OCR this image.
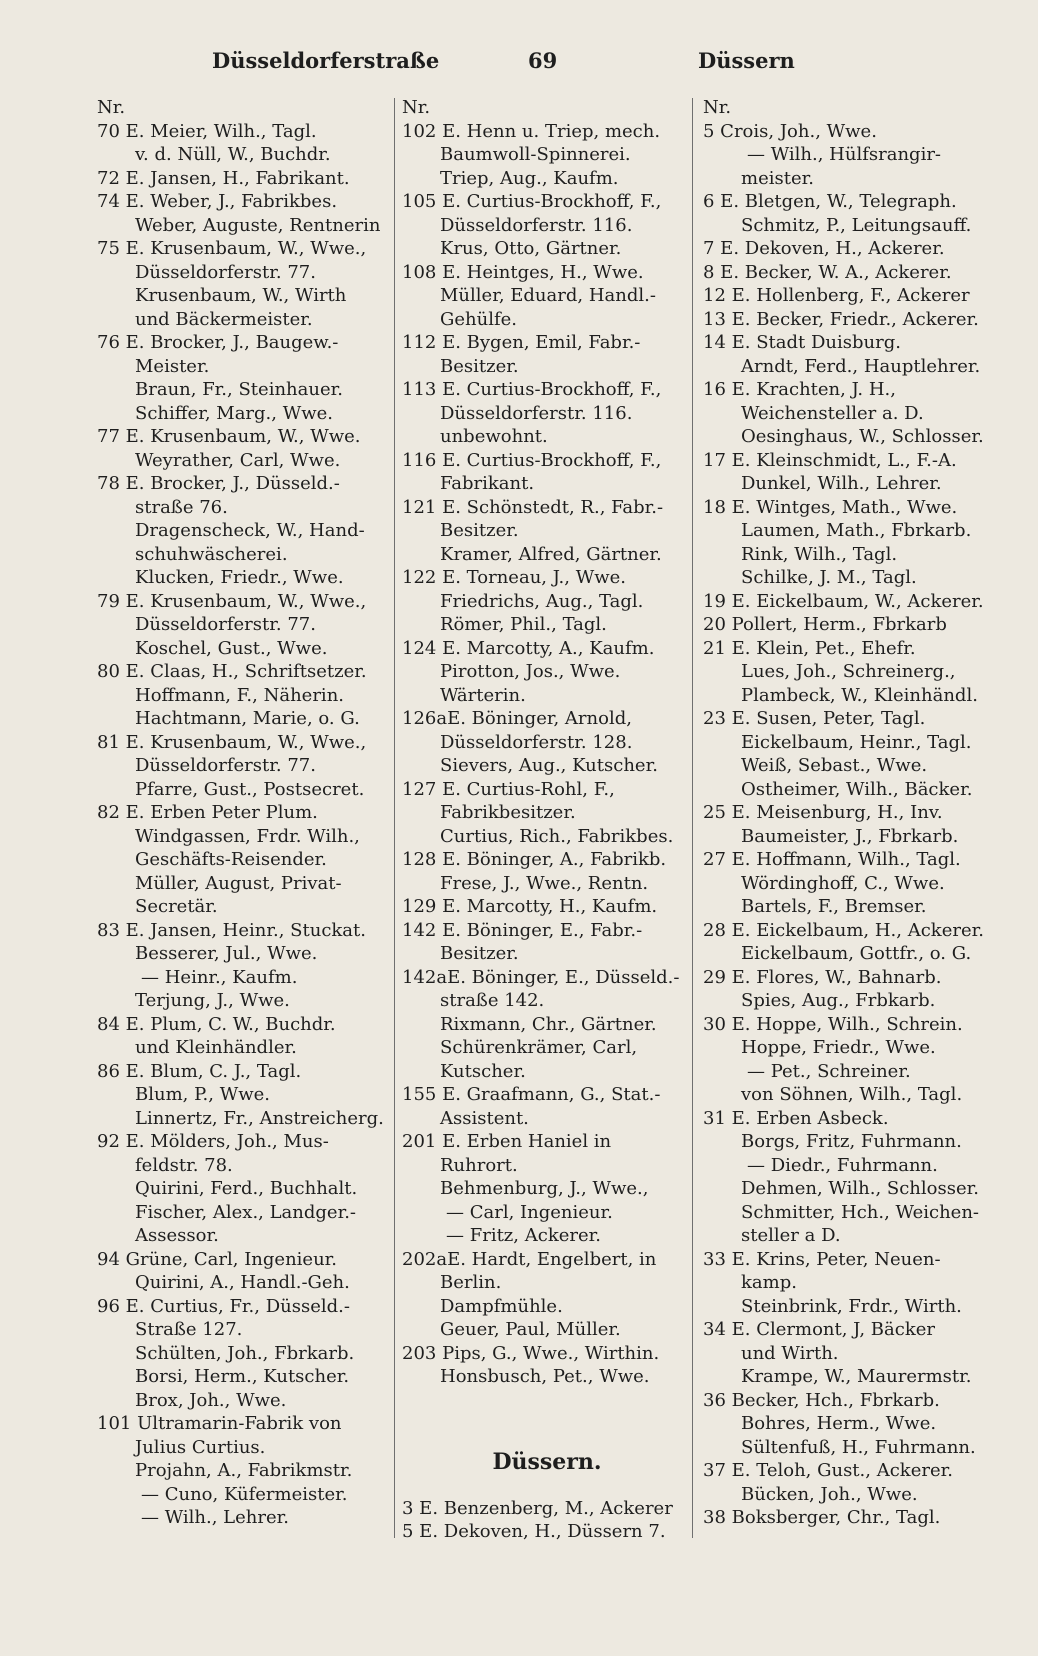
Düsseldorferstraße	69	Düssern
Nr.
70 E. Meier, Wilh., Tagl.
v. d. Nüll, W., Buchdr.
72 E. Jansen, H., Fabrikant.
74 E. Weber, J., Fabrikbes.
Weber, Auguste, Rentnerin
75 E. Krusenbaum, W., Wwe.,
Düsseldorferstr. 77.
Krusenbaum, W., Wirth
und Bäckermeister.
76 E. Brocker, J., Baugew.-
Meister.
Braun, Fr., Steinhauer.
Schiffer, Marg., Wwe.
77 E. Krusenbaum, W., Wwe.
Weyrather, Carl, Wwe.
78 E. Brocker, J., Düsseld.-
straße 76.
Dragenscheck, W., Hand-
schuhwäscherei.
Klucken, Friedr., Wwe.
79 E. Krusenbaum, W., Wwe.,
Düsseldorferstr. 77.
Koschel, Gust., Wwe.
80 E. Claas, H., Schriftsetzer.
Hoffmann, F., Näherin.
Hachtmann, Marie, o. G.
81 E. Krusenbaum, W., Wwe.,
Düsseldorferstr. 77.
Pfarre, Gust., Postsecret.
82 E. Erben Peter Plum.
Windgassen, Frdr. Wilh.,
Geschäfts-Reisender.
Müller, August, Privat-
Secretär.
83 E. Jansen, Heinr., Stuckat.
Besserer, Jul., Wwe.
— Heinr., Kaufm.
Terjung, J., Wwe.
84 E. Plum, C. W., Buchdr.
und Kleinhändler.
86 E. Blum, C. J., Tagl.
Blum, P., Wwe.
Linnertz, Fr., Anstreicherg.
92 E. Mölders, Joh., Mus-
feldstr. 78.
Quirini, Ferd., Buchhalt.
Fischer, Alex., Landger.-
Assessor.
94 Grüne, Carl, Ingenieur.
Quirini, A., Handl.-Geh.
96 E. Curtius, Fr., Düsseld.-
Straße 127.
Schülten, Joh., Fbrkarb.
Borsi, Herm., Kutscher.
Brox, Joh., Wwe.
101 Ultramarin-Fabrik von
Julius Curtius.
Projahn, A., Fabrikmstr.
— Cuno, Küfermeister.
— Wilh., Lehrer.
Nr.
102 E. Henn u. Triep, mech.
Baumwoll-Spinnerei.
Triep, Aug., Kaufm.
105 E. Curtius-Brockhoff, F.,
Düsseldorferstr. 116.
Krus, Otto, Gärtner.
108 E. Heintges, H., Wwe.
Müller, Eduard, Handl.-
Gehülfe.
112 E. Bygen, Emil, Fabr.-
Besitzer.
113 E. Curtius-Brockhoff, F.,
Düsseldorferstr. 116.
unbewohnt.
116 E. Curtius-Brockhoff, F.,
Fabrikant.
121 E. Schönstedt, R., Fabr.-
Besitzer.
Kramer, Alfred, Gärtner.
122 E. Torneau, J., Wwe.
Friedrichs, Aug., Tagl.
Römer, Phil., Tagl.
124 E. Marcotty, A., Kaufm.
Pirotton, Jos., Wwe.
Wärterin.
126aE. Böninger, Arnold,
Düsseldorferstr. 128.
Sievers, Aug., Kutscher.
127 E. Curtius-Rohl, F.,
Fabrikbesitzer.
Curtius, Rich., Fabrikbes.
128 E. Böninger, A., Fabrikb.
Frese, J., Wwe., Rentn.
129 E. Marcotty, H., Kaufm.
142 E. Böninger, E., Fabr.-
Besitzer.
142aE. Böninger, E., Düsseld.-
straße 142.
Rixmann, Chr., Gärtner.
Schürenkrämer, Carl,
Kutscher.
155 E. Graafmann, G., Stat.-
Assistent.
201 E. Erben Haniel in
Ruhrort.
Behmenburg, J., Wwe.,
— Carl, Ingenieur.
— Fritz, Ackerer.
202aE. Hardt, Engelbert, in
Berlin.
Dampfmühle.
Geuer, Paul, Müller.
203 Pips, G., Wwe., Wirthin.
Honsbusch, Pet., Wwe.
Düssern.
3 E. Benzenberg, M., Ackerer
5 E. Dekoven, H., Düssern 7.
Nr.
5 Crois, Joh., Wwe.
— Wilh., Hülfsrangir-
meister.
6 E. Bletgen, W., Telegraph.
Schmitz, P., Leitungsauff.
7 E. Dekoven, H., Ackerer.
8 E. Becker, W. A., Ackerer.
12 E. Hollenberg, F., Ackerer
13 E. Becker, Friedr., Ackerer.
14 E. Stadt Duisburg.
Arndt, Ferd., Hauptlehrer.
16 E. Krachten, J. H.,
Weichensteller a. D.
Oesinghaus, W., Schlosser.
17 E. Kleinschmidt, L., F.-A.
Dunkel, Wilh., Lehrer.
18 E. Wintges, Math., Wwe.
Laumen, Math., Fbrkarb.
Rink, Wilh., Tagl.
Schilke, J. M., Tagl.
19 E. Eickelbaum, W., Ackerer.
20 Pollert, Herm., Fbrkarb
21 E. Klein, Pet., Ehefr.
Lues, Joh., Schreinerg.,
Plambeck, W., Kleinhändl.
23 E. Susen, Peter, Tagl.
Eickelbaum, Heinr., Tagl.
Weiß, Sebast., Wwe.
Ostheimer, Wilh., Bäcker.
25 E. Meisenburg, H., Inv.
Baumeister, J., Fbrkarb.
27 E. Hoffmann, Wilh., Tagl.
Wördinghoff, C., Wwe.
Bartels, F., Bremser.
28 E. Eickelbaum, H., Ackerer.
Eickelbaum, Gottfr., o. G.
29 E. Flores, W., Bahnarb.
Spies, Aug., Frbkarb.
30 E. Hoppe, Wilh., Schrein.
Hoppe, Friedr., Wwe.
— Pet., Schreiner.
von Söhnen, Wilh., Tagl.
31 E. Erben Asbeck.
Borgs, Fritz, Fuhrmann.
— Diedr., Fuhrmann.
Dehmen, Wilh., Schlosser.
Schmitter, Hch., Weichen-
steller a D.
33 E. Krins, Peter, Neuen-
kamp.
Steinbrink, Frdr., Wirth.
34 E. Clermont, J, Bäcker
und Wirth.
Krampe, W., Maurermstr.
36 Becker, Hch., Fbrkarb.
Bohres, Herm., Wwe.
Sültenfuß, H., Fuhrmann.
37 E. Teloh, Gust., Ackerer.
Bücken, Joh., Wwe.
38 Boksberger, Chr., Tagl.
